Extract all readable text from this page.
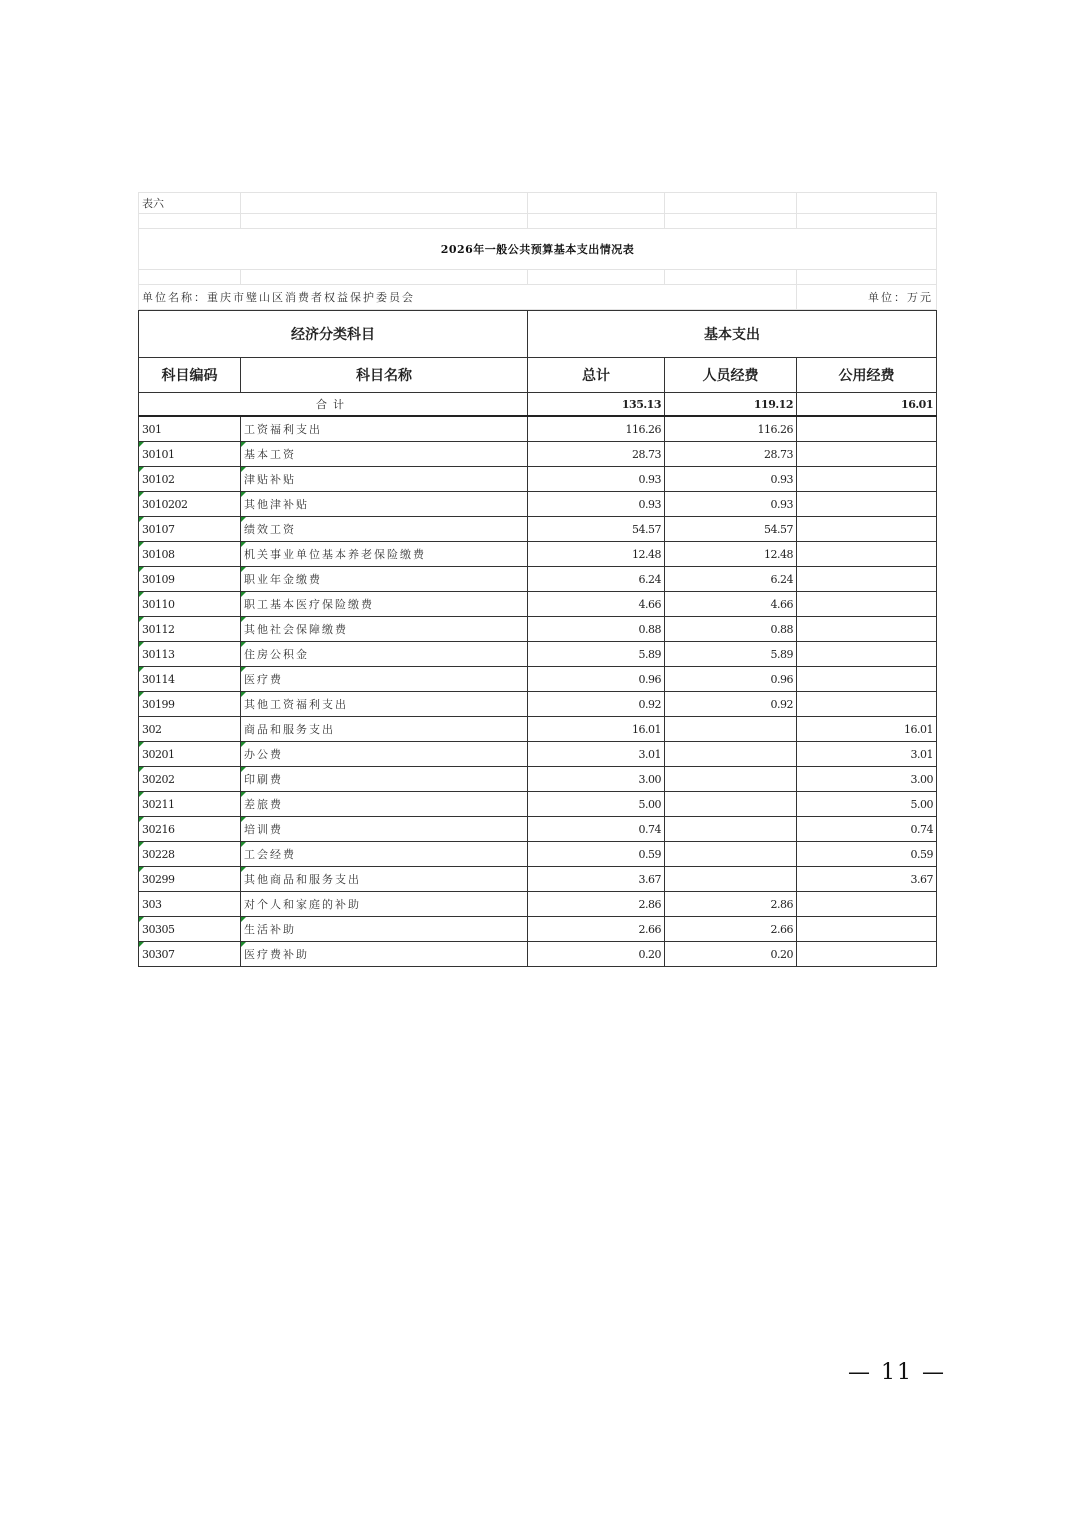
表六				

2026年一般公共预算基本支出情况表				

单位名称：重庆市璧山区消费者权益保护委员会				单位：万元
经济分类科目		基本支出		
科目编码	科目名称	总计	人员经费	公用经费
合计		135.13	119.12	16.01
301	工资福利支出	116.26	116.26	
30101	基本工资	28.73	28.73	
30102	津贴补贴	0.93	0.93	
3010202	其他津补贴	0.93	0.93	
30107	绩效工资	54.57	54.57	
30108	机关事业单位基本养老保险缴费	12.48	12.48	
30109	职业年金缴费	6.24	6.24	
30110	职工基本医疗保险缴费	4.66	4.66	
30112	其他社会保障缴费	0.88	0.88	
30113	住房公积金	5.89	5.89	
30114	医疗费	0.96	0.96	
30199	其他工资福利支出	0.92	0.92	
302	商品和服务支出	16.01		16.01
30201	办公费	3.01		3.01
30202	印刷费	3.00		3.00
30211	差旅费	5.00		5.00
30216	培训费	0.74		0.74
30228	工会经费	0.59		0.59
30299	其他商品和服务支出	3.67		3.67
303	对个人和家庭的补助	2.86	2.86	
30305	生活补助	2.66	2.66	
30307	医疗费补助	0.20	0.20	
— 11 —
